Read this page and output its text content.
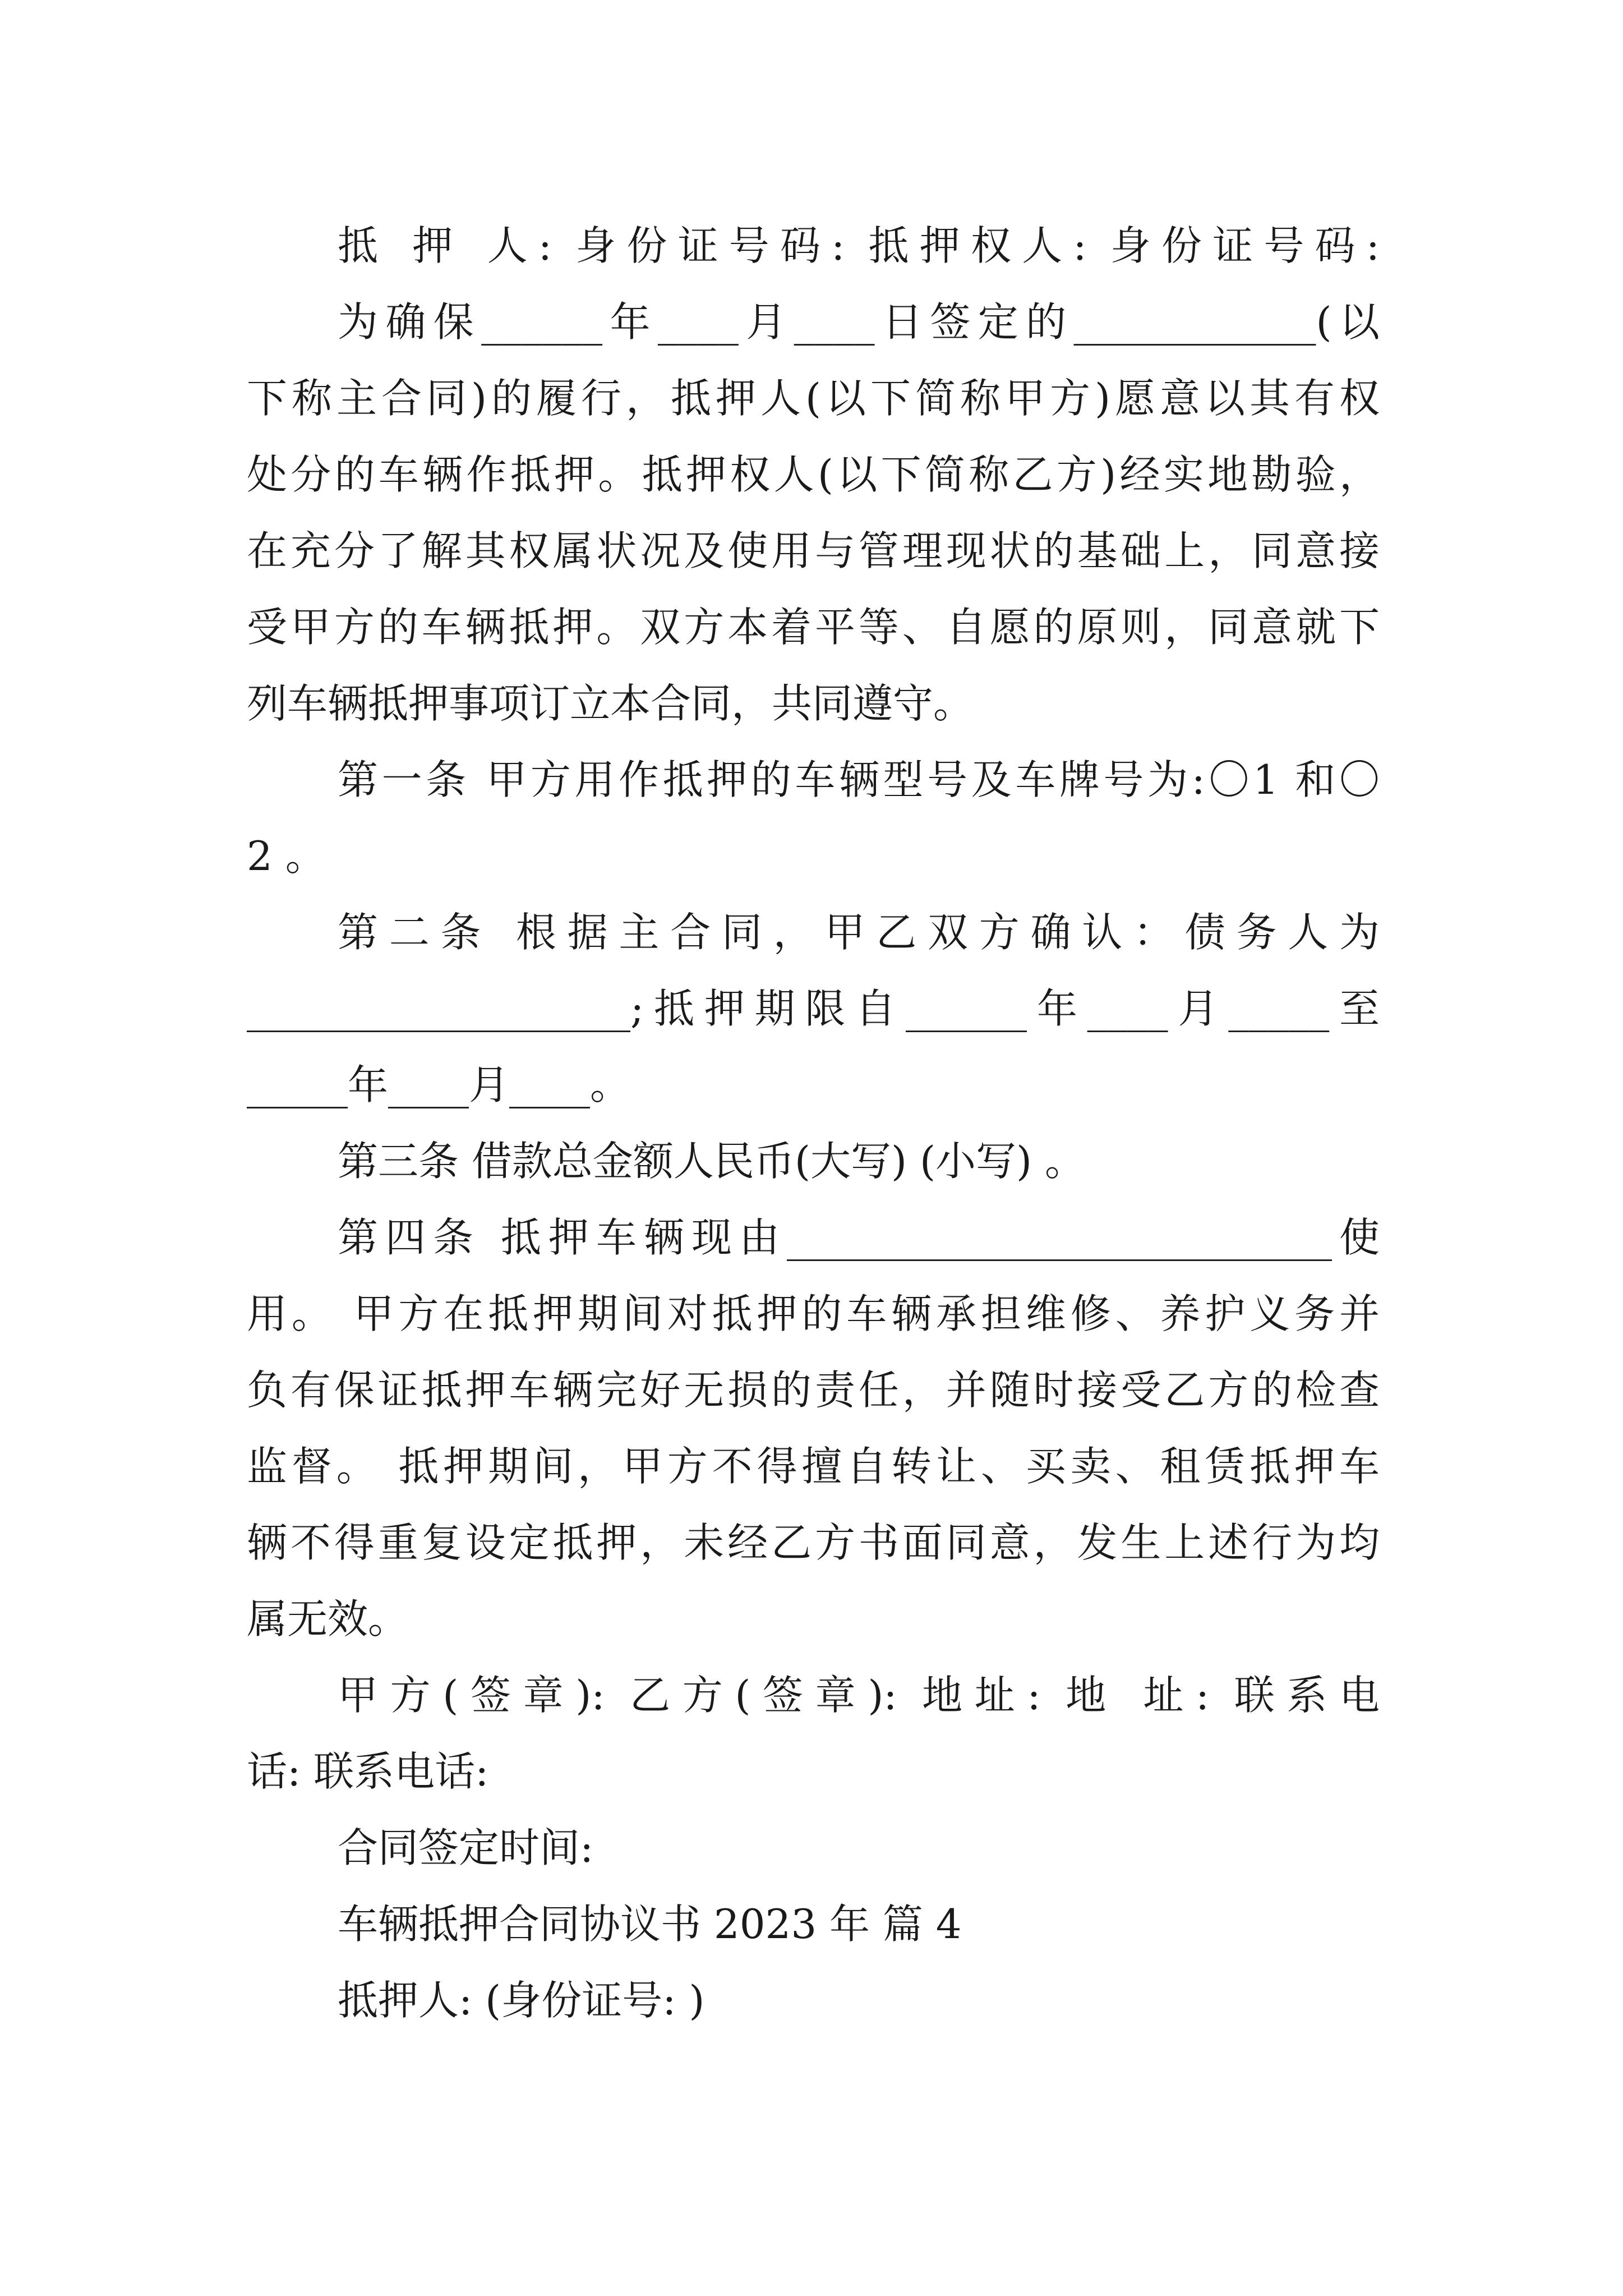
抵 押 人: 身份证号码: 抵押权人: 身份证号码:
为确保______年____月____日签定的____________(以
下称主合同)的履行，抵押人(以下简称甲方)愿意以其有权
处分的车辆作抵押。抵押权人(以下简称乙方)经实地勘验，
在充分了解其权属状况及使用与管理现状的基础上，同意接
受甲方的车辆抵押。双方本着平等、自愿的原则，同意就下
列车辆抵押事项订立本合同，共同遵守。
第一条 甲方用作抵押的车辆型号及车牌号为:〇1 和〇
2 。
第二条 根据主合同，甲乙双方确认：债务人为
___________________;抵押期限自______年____月_____至
_____年____月____。
第三条 借款总金额人民币(大写) (小写) 。
第四条 抵押车辆现由___________________________使
用。 甲方在抵押期间对抵押的车辆承担维修、养护义务并
负有保证抵押车辆完好无损的责任，并随时接受乙方的检查
监督。 抵押期间，甲方不得擅自转让、买卖、租赁抵押车
辆不得重复设定抵押，未经乙方书面同意，发生上述行为均
属无效。
甲方(签章): 乙方(签章): 地址: 地 址: 联系电
话: 联系电话:
合同签定时间:
车辆抵押合同协议书 2023 年 篇 4
抵押人: (身份证号: )
